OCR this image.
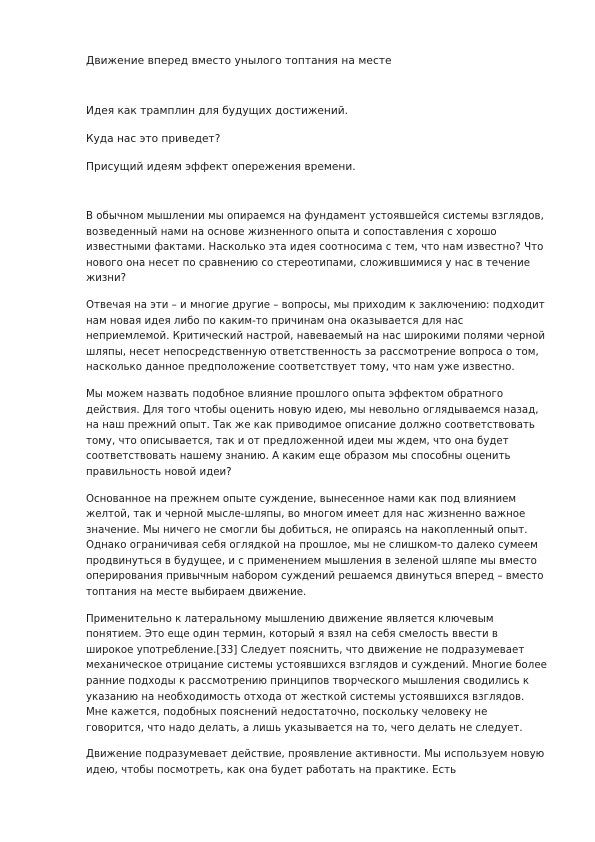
Движение вперед вместо унылого топтания на месте

Идея как трамплин для будущих достижений.

Куда нас это приведет?

Присущий идеям эффект опережения времени.

В обычном мышлении мы опираемся на фундамент устоявшейся системы взглядов, возведенный нами на основе жизненного опыта и сопоставления с хорошо известными фактами. Насколько эта идея соотносима с тем, что нам известно? Что нового она несет по сравнению со стереотипами, сложившимися у нас в течение жизни?

Отвечая на эти – и многие другие – вопросы, мы приходим к заключению: подходит нам новая идея либо по каким-то причинам она оказывается для нас неприемлемой. Критический настрой, навеваемый на нас широкими полями черной шляпы, несет непосредственную ответственность за рассмотрение вопроса о том, насколько данное предположение соответствует тому, что нам уже известно.

Мы можем назвать подобное влияние прошлого опыта эффектом обратного действия. Для того чтобы оценить новую идею, мы невольно оглядываемся назад, на наш прежний опыт. Так же как приводимое описание должно соответствовать тому, что описывается, так и от предложенной идеи мы ждем, что она будет соответствовать нашему знанию. А каким еще образом мы способны оценить правильность новой идеи?

Основанное на прежнем опыте суждение, вынесенное нами как под влиянием желтой, так и черной мысле-шляпы, во многом имеет для нас жизненно важное значение. Мы ничего не смогли бы добиться, не опираясь на накопленный опыт. Однако ограничивая себя оглядкой на прошлое, мы не слишком-то далеко сумеем продвинуться в будущее, и с применением мышления в зеленой шляпе мы вместо оперирования привычным набором суждений решаемся двинуться вперед – вместо топтания на месте выбираем движение.

Применительно к латеральному мышлению движение является ключевым понятием. Это еще один термин, который я взял на себя смелость ввести в широкое употребление.[33] Следует пояснить, что движение не подразумевает механическое отрицание системы устоявшихся взглядов и суждений. Многие более ранние подходы к рассмотрению принципов творческого мышления сводились к указанию на необходимость отхода от жесткой системы устоявшихся взглядов. Мне кажется, подобных пояснений недостаточно, поскольку человеку не говорится, что надо делать, а лишь указывается на то, чего делать не следует.

Движение подразумевает действие, проявление активности. Мы используем новую идею, чтобы посмотреть, как она будет работать на практике. Есть
